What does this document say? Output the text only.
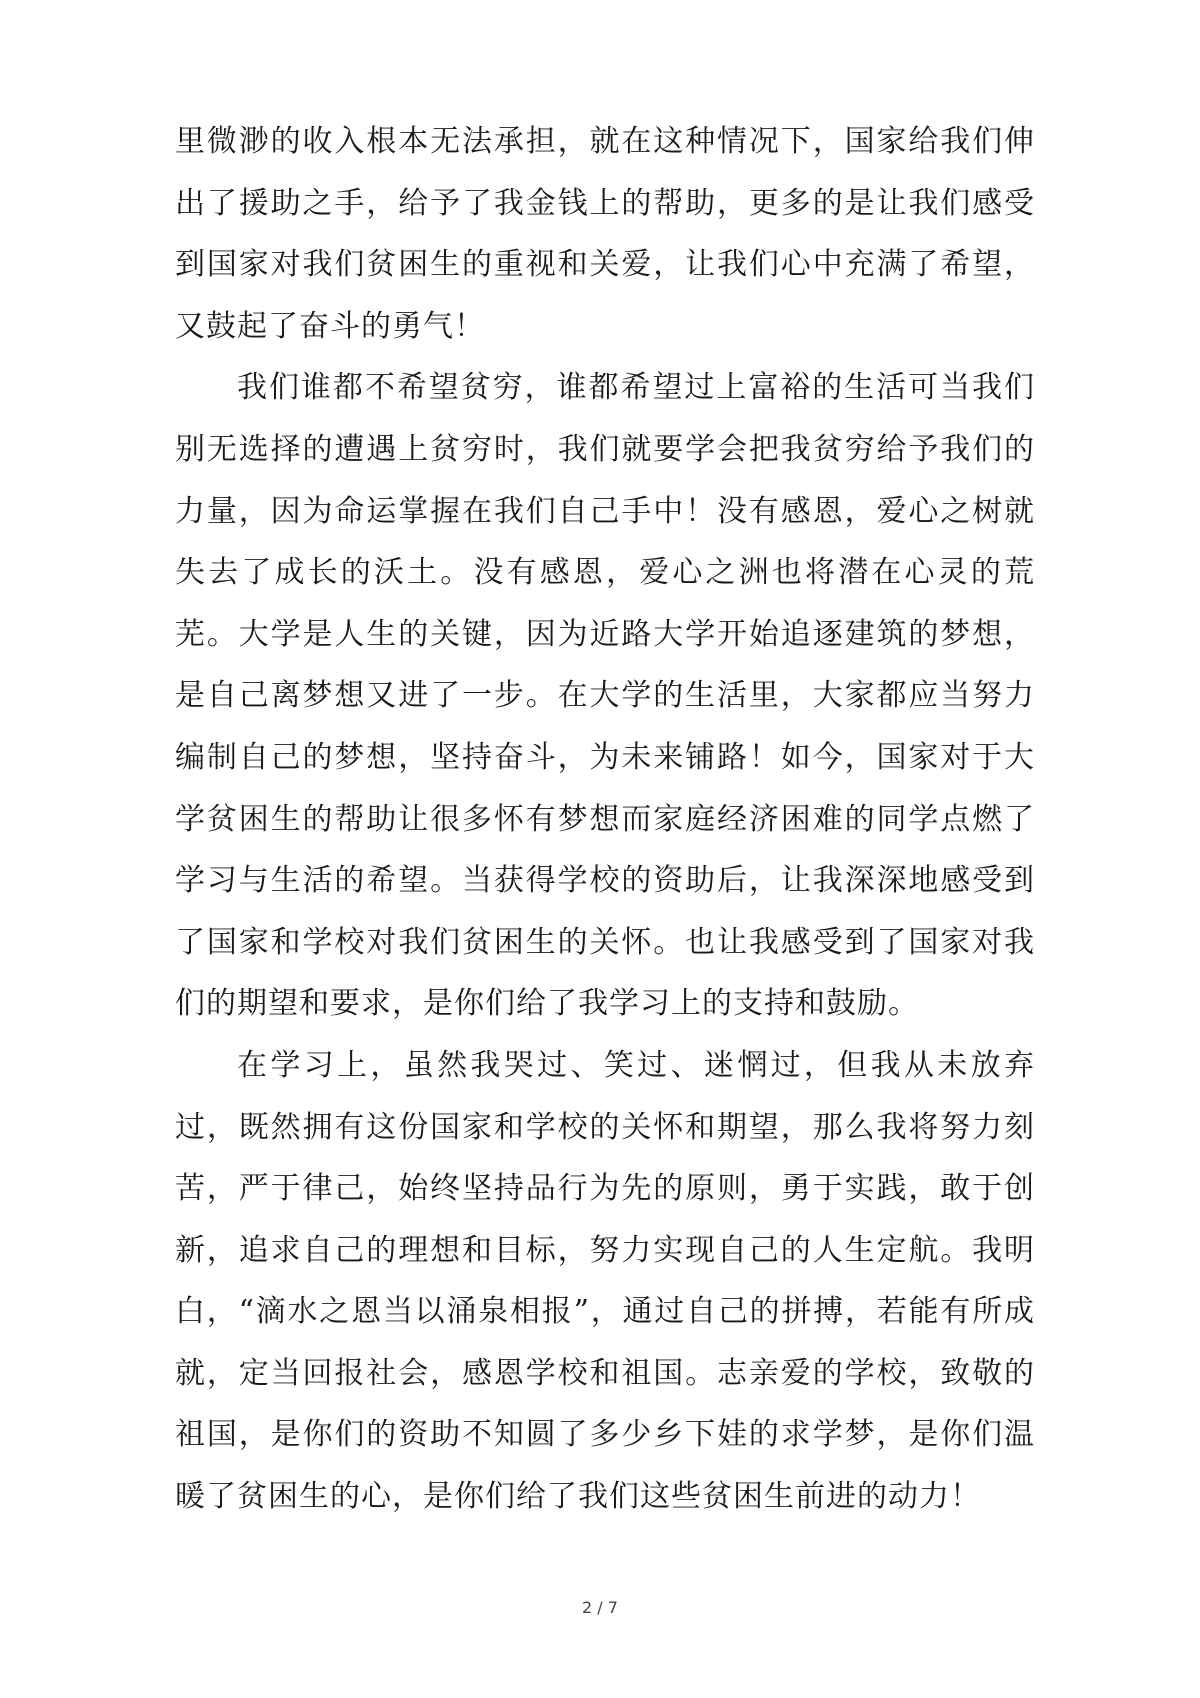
里微渺的收入根本无法承担，就在这种情况下，国家给我们伸出了援助之手，给予了我金钱上的帮助，更多的是让我们感受到国家对我们贫困生的重视和关爱，让我们心中充满了希望，又鼓起了奋斗的勇气！

我们谁都不希望贫穷，谁都希望过上富裕的生活可当我们别无选择的遭遇上贫穷时，我们就要学会把我贫穷给予我们的力量，因为命运掌握在我们自己手中！没有感恩，爱心之树就失去了成长的沃土。没有感恩，爱心之洲也将潜在心灵的荒芜。大学是人生的关键，因为近路大学开始追逐建筑的梦想，是自己离梦想又进了一步。在大学的生活里，大家都应当努力编制自己的梦想，坚持奋斗，为未来铺路！如今，国家对于大学贫困生的帮助让很多怀有梦想而家庭经济困难的同学点燃了学习与生活的希望。当获得学校的资助后，让我深深地感受到了国家和学校对我们贫困生的关怀。也让我感受到了国家对我们的期望和要求，是你们给了我学习上的支持和鼓励。

在学习上，虽然我哭过、笑过、迷惘过，但我从未放弃过，既然拥有这份国家和学校的关怀和期望，那么我将努力刻苦，严于律己，始终坚持品行为先的原则，勇于实践，敢于创新，追求自己的理想和目标，努力实现自己的人生定航。我明白，“滴水之恩当以涌泉相报”，通过自己的拼搏，若能有所成就，定当回报社会，感恩学校和祖国。志亲爱的学校，致敬的祖国，是你们的资助不知圆了多少乡下娃的求学梦，是你们温暖了贫困生的心，是你们给了我们这些贫困生前进的动力！

2 / 7
